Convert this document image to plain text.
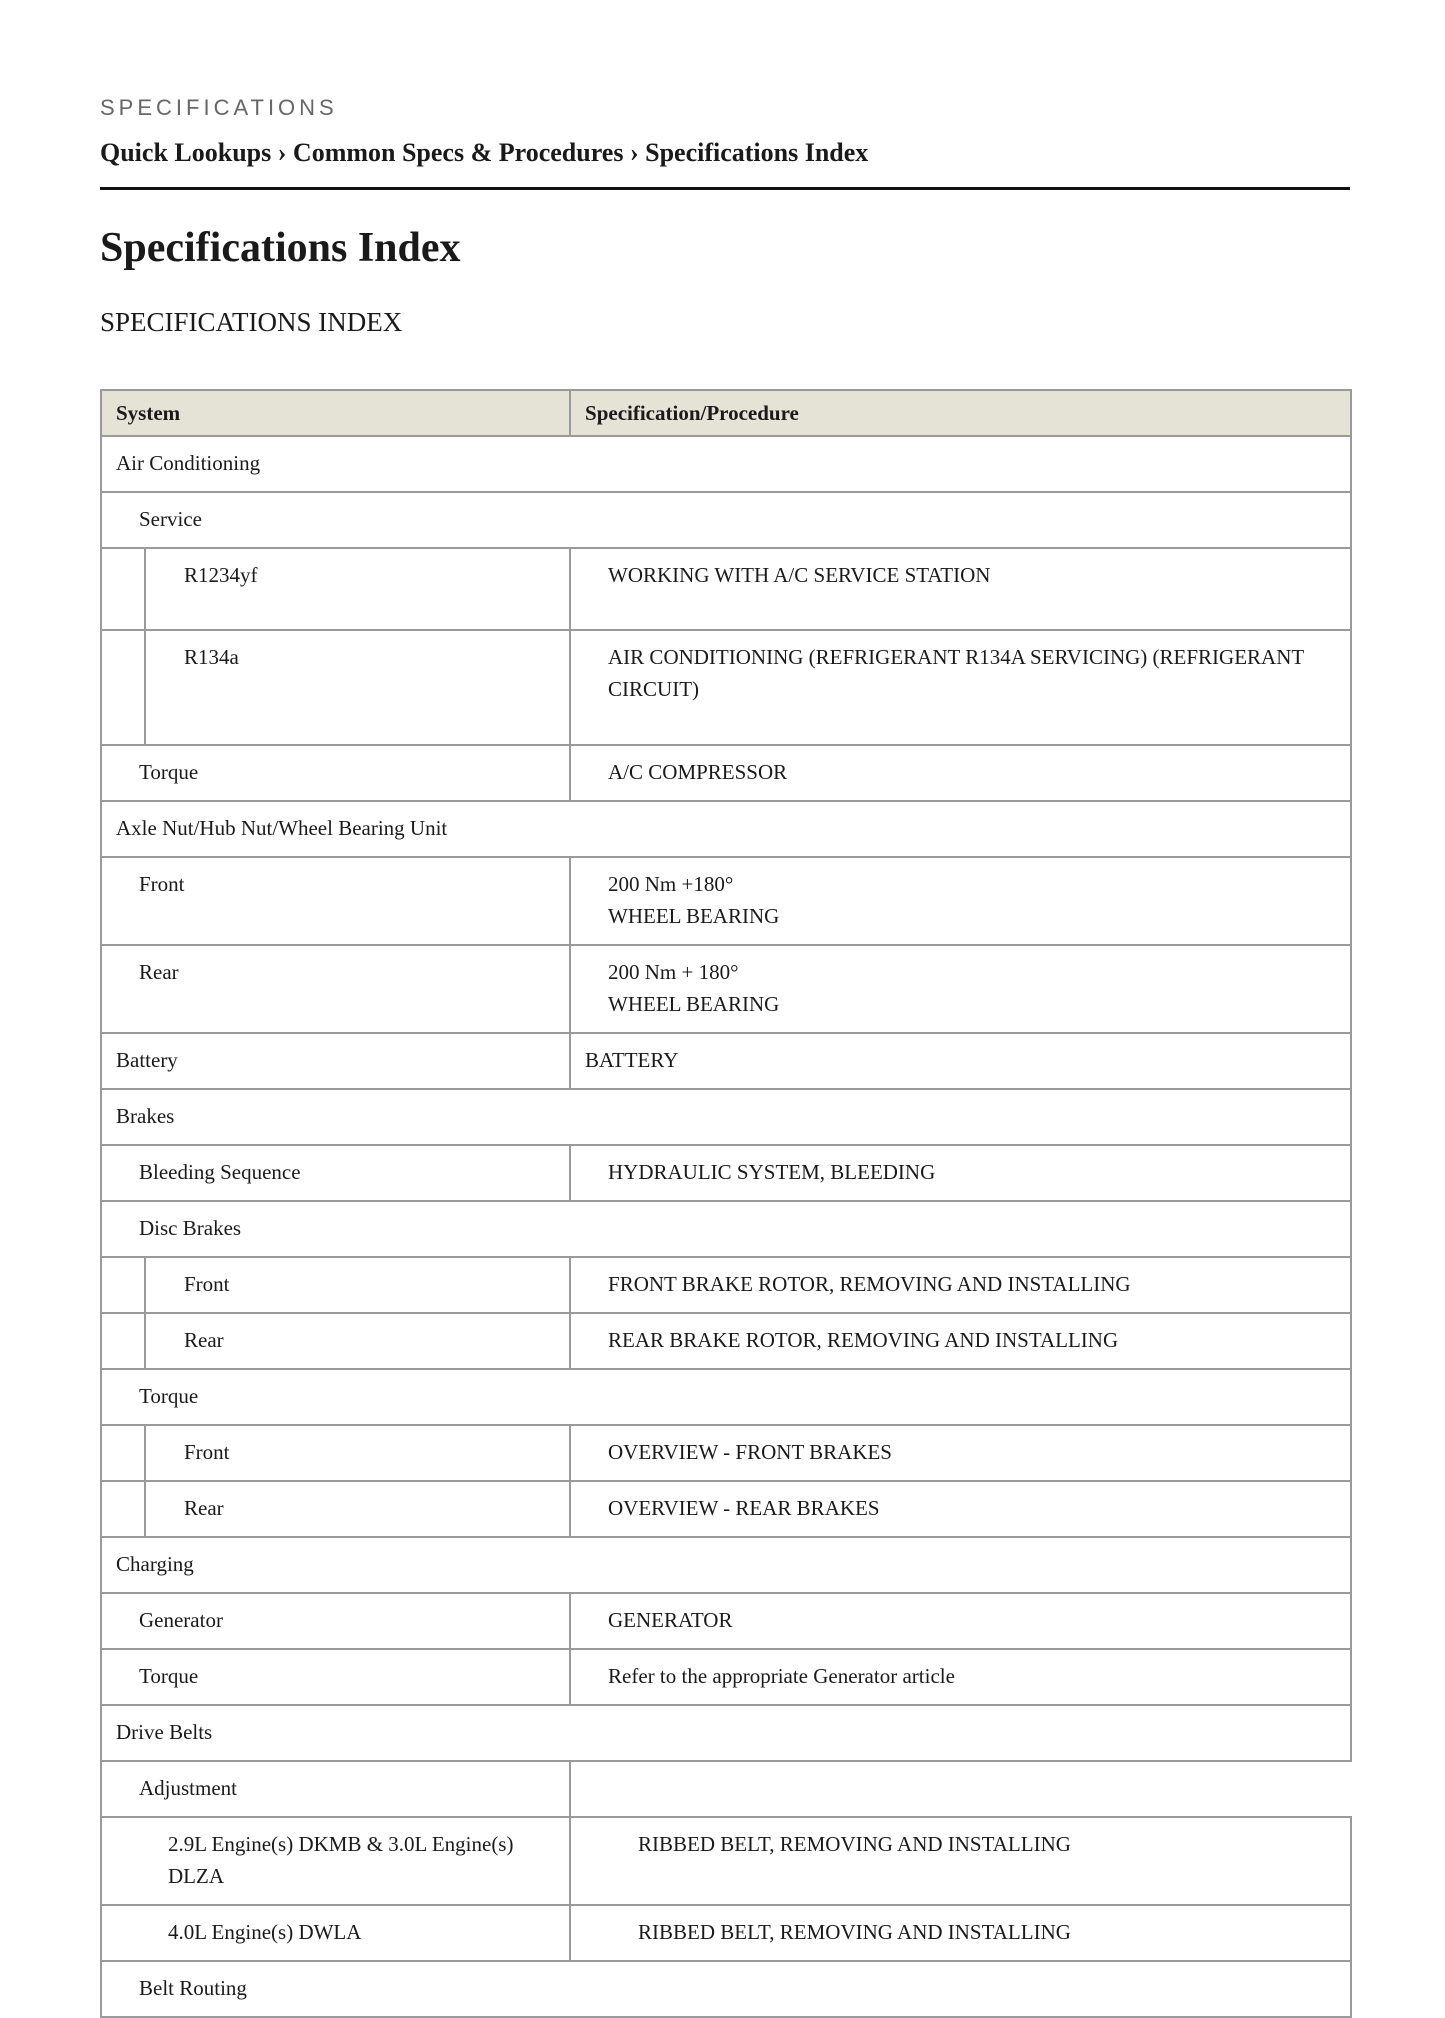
SPECIFICATIONS

Quick Lookups › Common Specs & Procedures › Specifications Index

Specifications Index
SPECIFICATIONS INDEX
System		Specification/Procedure

Air Conditioning		

Service		

	R1234yf	WORKING WITH A/C SERVICE STATION

	R134a	AIR CONDITIONING (REFRIGERANT R134A SERVICING) (REFRIGERANT CIRCUIT)

Torque		A/C COMPRESSOR

Axle Nut/Hub Nut/Wheel Bearing Unit		

Front		200 Nm +180°
WHEEL BEARING

Rear		200 Nm + 180°
WHEEL BEARING

Battery		BATTERY

Brakes		

Bleeding Sequence		HYDRAULIC SYSTEM, BLEEDING

Disc Brakes		

	Front	FRONT BRAKE ROTOR, REMOVING AND INSTALLING

	Rear	REAR BRAKE ROTOR, REMOVING AND INSTALLING

Torque		

	Front	OVERVIEW - FRONT BRAKES

	Rear	OVERVIEW - REAR BRAKES

Charging		

Generator		GENERATOR

Torque		Refer to the appropriate Generator article

Drive Belts		

Adjustment		

2.9L Engine(s) DKMB & 3.0L Engine(s) DLZA		RIBBED BELT, REMOVING AND INSTALLING

4.0L Engine(s) DWLA		RIBBED BELT, REMOVING AND INSTALLING

Belt Routing		
